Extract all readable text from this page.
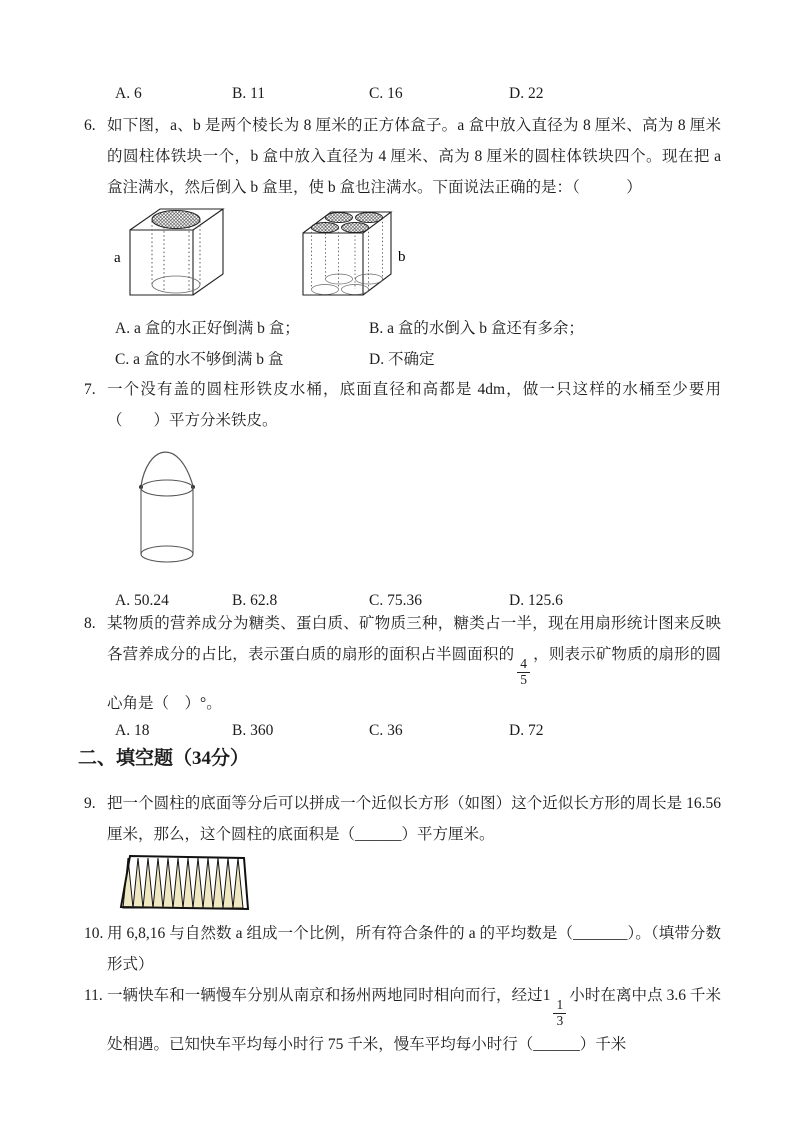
A. 6	B. 11	C. 16	D. 22
6. 如下图，a、b 是两个棱长为 8 厘米的正方体盒子。a 盒中放入直径为 8 厘米、高为 8 厘米的圆柱体铁块一个，b 盒中放入直径为 4 厘米、高为 8 厘米的圆柱体铁块四个。现在把 a 盒注满水，然后倒入 b 盒里，使 b 盒也注满水。下面说法正确的是：（　　　）
a	b
A. a 盒的水正好倒满 b 盒；	B. a 盒的水倒入 b 盒还有多余；
C. a 盒的水不够倒满 b 盒	D. 不确定
7. 一个没有盖的圆柱形铁皮水桶，底面直径和高都是 4dm，做一只这样的水桶至少要用（　　）平方分米铁皮。
A. 50.24	B. 62.8	C. 75.36	D. 125.6
8. 某物质的营养成分为糖类、蛋白质、矿物质三种，糖类占一半，现在用扇形统计图来反映各营养成分的占比，表示蛋白质的扇形的面积占半圆面积的
$\frac{4}{5}$
，则表示矿物质的扇形的圆心角是（　）°。
A. 18	B. 360	C. 36	D. 72
二、填空题（34分）
9. 把一个圆柱的底面等分后可以拼成一个近似长方形（如图）这个近似长方形的周长是 16.56 厘米，那么，这个圆柱的底面积是（______）平方厘米。
10. 用 6,8,16 与自然数 a 组成一个比例，所有符合条件的 a 的平均数是（_______）。（填带分数形式）
11. 一辆快车和一辆慢车分别从南京和扬州两地同时相向而行，经过1
$\frac{1}{3}$
小时在离中点 3.6 千米处相遇。已知快车平均每小时行 75 千米，慢车平均每小时行（______）千米
